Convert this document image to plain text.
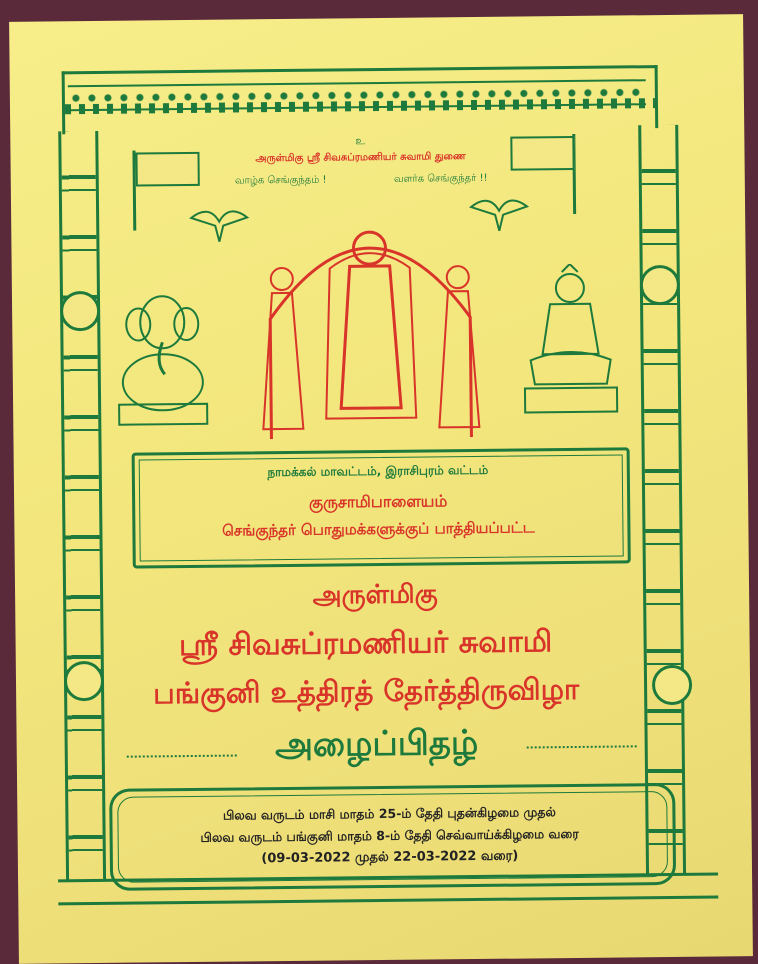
உ
அருள்மிகு ஸ்ரீ சிவசுப்ரமணியர் சுவாமி துணை
வாழ்க செங்குந்தம் !	வளர்க செங்குந்தர் !!
நாமக்கல் மாவட்டம், இராசிபுரம் வட்டம்
குருசாமிபாளையம்
செங்குந்தர் பொதுமக்களுக்குப் பாத்தியப்பட்ட
அருள்மிகு
ஸ்ரீ சிவசுப்ரமணியர் சுவாமி
பங்குனி உத்திரத் தேர்த்திருவிழா
அழைப்பிதழ்
பிலவ வருடம் மாசி மாதம் 25-ம் தேதி புதன்கிழமை முதல்
பிலவ வருடம் பங்குனி மாதம் 8-ம் தேதி செவ்வாய்க்கிழமை வரை
(09-03-2022 முதல் 22-03-2022 வரை)
